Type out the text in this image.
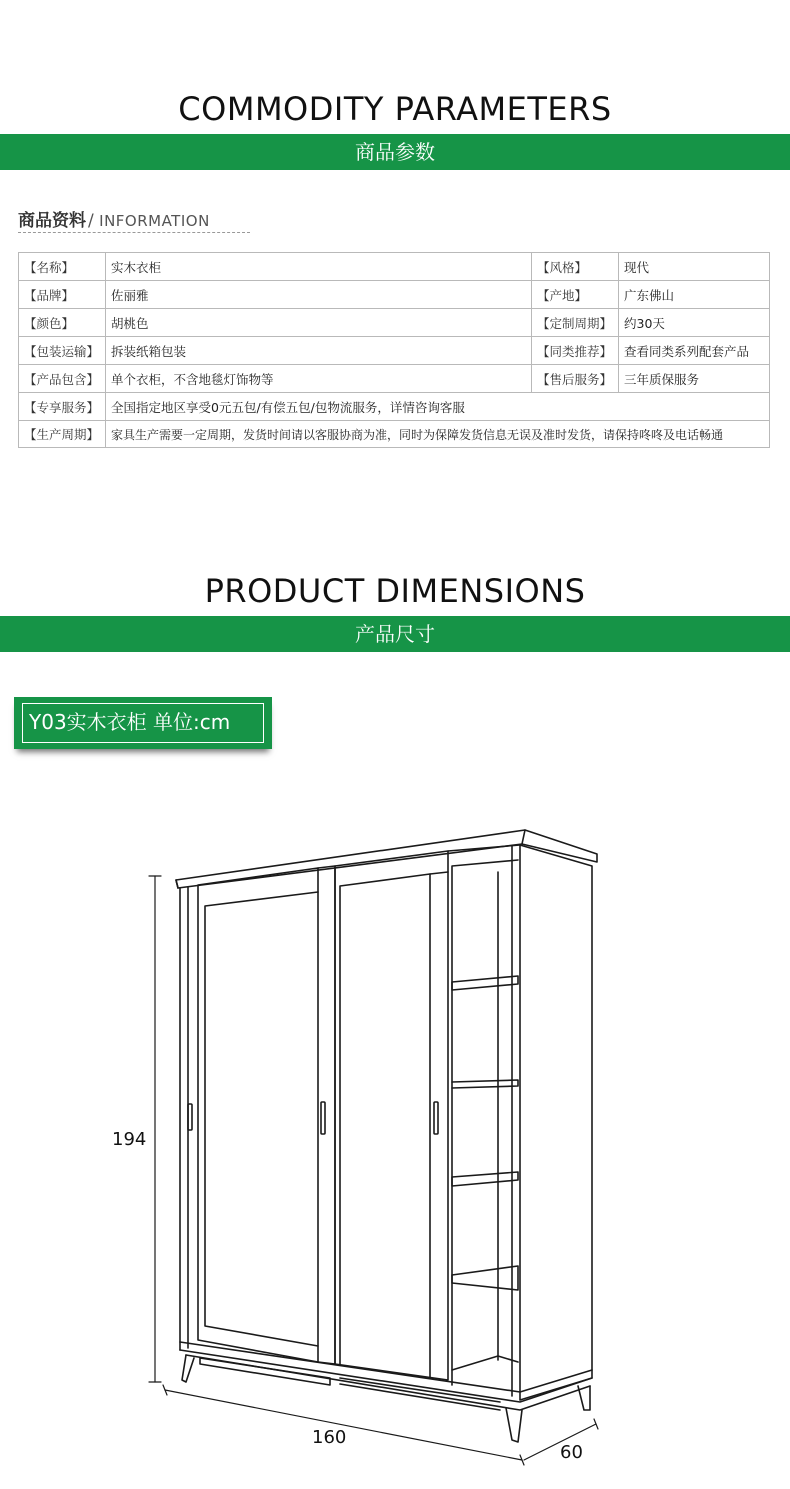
COMMODITY PARAMETERS
商品参数
商品资料 / INFORMATION
【名称】	实木衣柜	【风格】	现代
【品牌】	佐丽雅	【产地】	广东佛山
【颜色】	胡桃色	【定制周期】	约30天
【包装运输】	拆装纸箱包装	【同类推荐】	查看同类系列配套产品
【产品包含】	单个衣柜，不含地毯灯饰物等	【售后服务】	三年质保服务
【专享服务】	全国指定地区享受0元五包/有偿五包/包物流服务，详情咨询客服		
【生产周期】	家具生产需要一定周期，发货时间请以客服协商为准，同时为保障发货信息无误及准时发货，请保持咚咚及电话畅通		
PRODUCT DIMENSIONS
产品尺寸
Y03实木衣柜 单位:cm
194
160
60
